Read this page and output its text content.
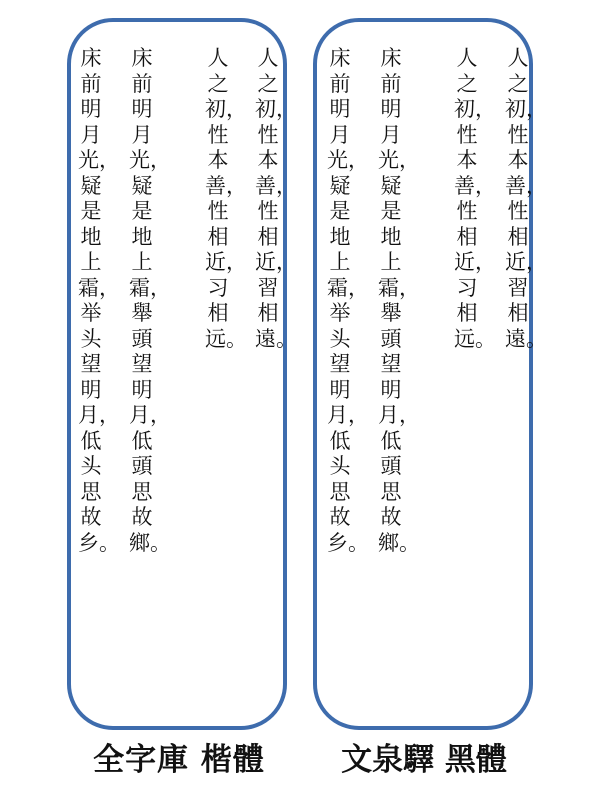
人之初，性本善，性相近，習相遠。
人之初，性本善，性相近，习相远。
床前明月光，疑是地上霜，舉頭望明月，低頭思故鄉。
床前明月光，疑是地上霜，举头望明月，低头思故乡。
人之初，性本善，性相近，習相遠。
人之初，性本善，性相近，习相远。
床前明月光，疑是地上霜，舉頭望明月，低頭思故鄉。
床前明月光，疑是地上霜，举头望明月，低头思故乡。
全字庫 楷體	文泉驛 黑體
